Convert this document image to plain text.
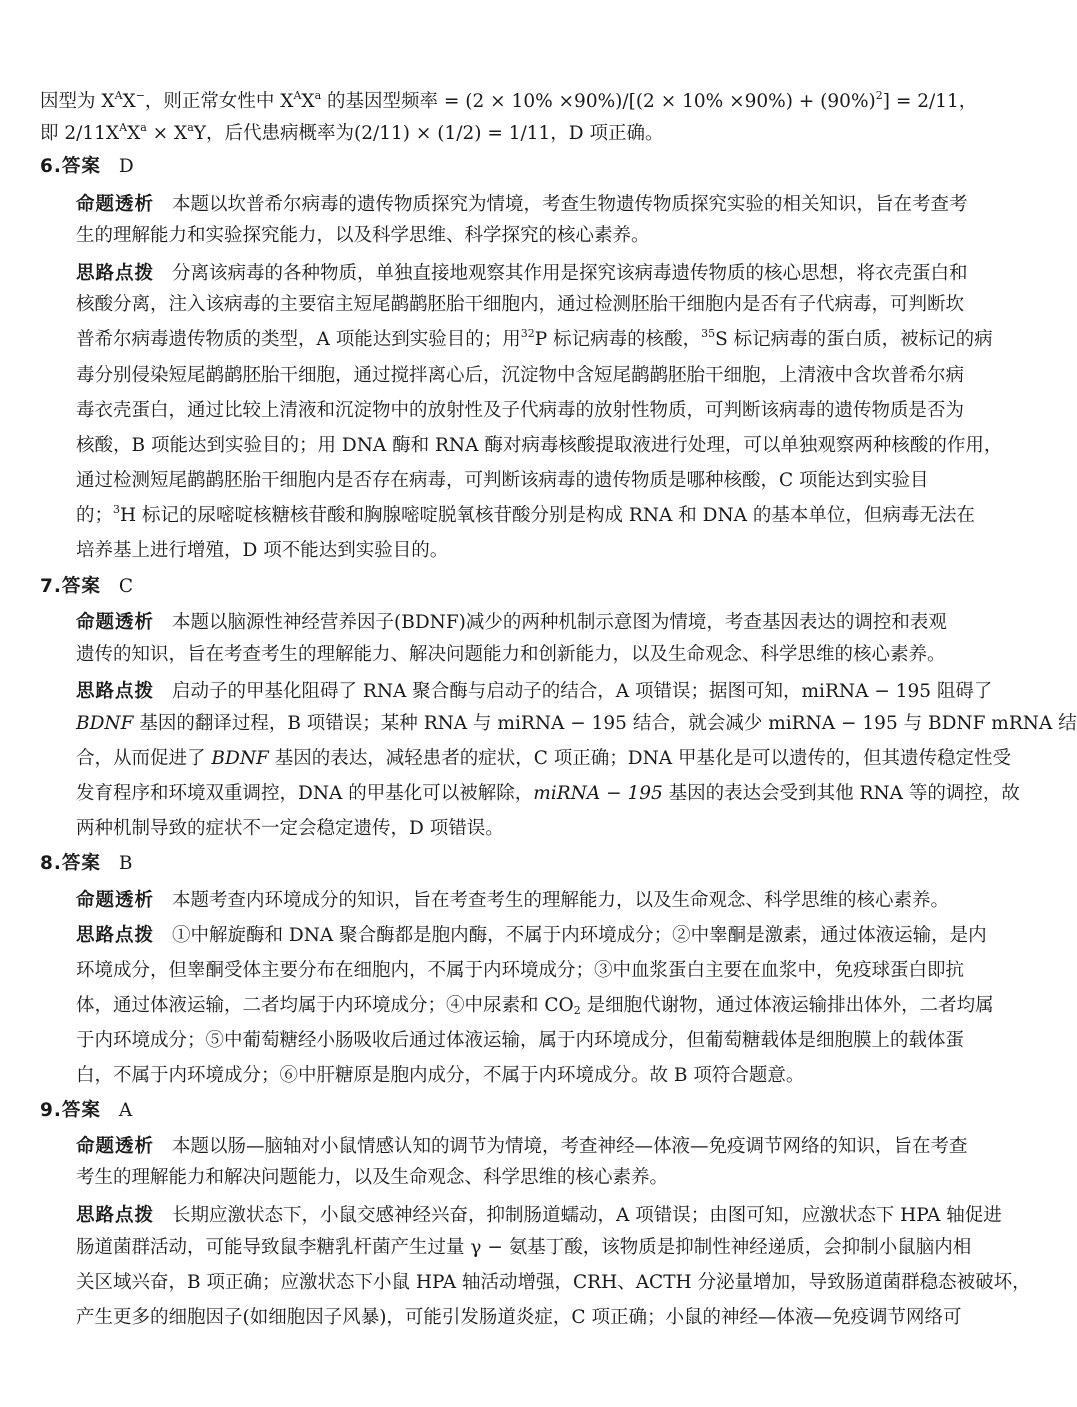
因型为 $X^AX^-$，则正常女性中 $X^AX^a$ 的基因型频率 = $(2 \times 10\% \times 90\%)/[(2 \times 10\% \times 90\%) + (90\%)^2] = 2/11$，
即 $2/11X^AX^a \times X^aY$，后代患病概率为(2/11) × (1/2) = 1/11，D 项正确。
6.答案 D
命题透析 本题以坎普希尔病毒的遗传物质探究为情境，考查生物遗传物质探究实验的相关知识，旨在考查考
生的理解能力和实验探究能力，以及科学思维、科学探究的核心素养。
思路点拨 分离该病毒的各种物质，单独直接地观察其作用是探究该病毒遗传物质的核心思想，将衣壳蛋白和
核酸分离，注入该病毒的主要宿主短尾鹋鹋胚胎干细胞内，通过检测胚胎干细胞内是否有子代病毒，可判断坎
普希尔病毒遗传物质的类型，A 项能达到实验目的；用$^{32}$P 标记病毒的核酸，$^{35}$S 标记病毒的蛋白质，被标记的病
毒分别侵染短尾鹋鹋胚胎干细胞，通过搅拌离心后，沉淀物中含短尾鹋鹋胚胎干细胞，上清液中含坎普希尔病
毒衣壳蛋白，通过比较上清液和沉淀物中的放射性及子代病毒的放射性物质，可判断该病毒的遗传物质是否为
核酸，B 项能达到实验目的；用 DNA 酶和 RNA 酶对病毒核酸提取液进行处理，可以单独观察两种核酸的作用，
通过检测短尾鹋鹋胚胎干细胞内是否存在病毒，可判断该病毒的遗传物质是哪种核酸，C 项能达到实验目
的；$^3$H 标记的尿嘧啶核糖核苷酸和胸腺嘧啶脱氧核苷酸分别是构成 RNA 和 DNA 的基本单位，但病毒无法在
培养基上进行增殖，D 项不能达到实验目的。
7.答案 C
命题透析 本题以脑源性神经营养因子(BDNF)减少的两种机制示意图为情境，考查基因表达的调控和表观
遗传的知识，旨在考查考生的理解能力、解决问题能力和创新能力，以及生命观念、科学思维的核心素养。
思路点拨 启动子的甲基化阻碍了 RNA 聚合酶与启动子的结合，A 项错误；据图可知，miRNA − 195 阻碍了
BDNF 基因的翻译过程，B 项错误；某种 RNA 与 miRNA − 195 结合，就会减少 miRNA − 195 与 BDNF mRNA 结
合，从而促进了 BDNF 基因的表达，减轻患者的症状，C 项正确；DNA 甲基化是可以遗传的，但其遗传稳定性受
发育程序和环境双重调控，DNA 的甲基化可以被解除，miRNA − 195 基因的表达会受到其他 RNA 等的调控，故
两种机制导致的症状不一定会稳定遗传，D 项错误。
8.答案 B
命题透析 本题考查内环境成分的知识，旨在考查考生的理解能力，以及生命观念、科学思维的核心素养。
思路点拨 ①中解旋酶和 DNA 聚合酶都是胞内酶，不属于内环境成分；②中睾酮是激素，通过体液运输，是内
环境成分，但睾酮受体主要分布在细胞内，不属于内环境成分；③中血浆蛋白主要在血浆中，免疫球蛋白即抗
体，通过体液运输，二者均属于内环境成分；④中尿素和 $CO_2$ 是细胞代谢物，通过体液运输排出体外，二者均属
于内环境成分；⑤中葡萄糖经小肠吸收后通过体液运输，属于内环境成分，但葡萄糖载体是细胞膜上的载体蛋
白，不属于内环境成分；⑥中肝糖原是胞内成分，不属于内环境成分。故 B 项符合题意。
9.答案 A
命题透析 本题以肠—脑轴对小鼠情感认知的调节为情境，考查神经—体液—免疫调节网络的知识，旨在考查
考生的理解能力和解决问题能力，以及生命观念、科学思维的核心素养。
思路点拨 长期应激状态下，小鼠交感神经兴奋，抑制肠道蠕动，A 项错误；由图可知，应激状态下 HPA 轴促进
肠道菌群活动，可能导致鼠李糖乳杆菌产生过量 γ − 氨基丁酸，该物质是抑制性神经递质，会抑制小鼠脑内相
关区域兴奋，B 项正确；应激状态下小鼠 HPA 轴活动增强，CRH、ACTH 分泌量增加，导致肠道菌群稳态被破坏，
产生更多的细胞因子(如细胞因子风暴)，可能引发肠道炎症，C 项正确；小鼠的神经—体液—免疫调节网络可
